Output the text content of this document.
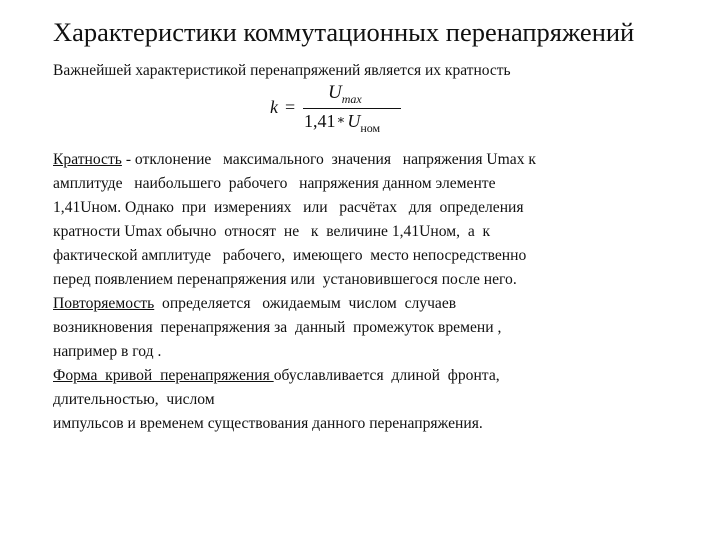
Характеристики коммутационных перенапряжений
Важнейшей характеристикой перенапряжений является их кратность
k =
$U_{max}$
1,41∗ $U_{ном}$
Кратность - отклонение   максимального  значения   напряжения Umax к
амплитуде   наибольшего  рабочего   напряжения данном элементе
1,41Uном. Однако  при  измерениях   или   расчётах   для  определения
кратности Umax обычно  относят  не   к  величине 1,41Uном,  а  к
фактической амплитуде   рабочего,  имеющего  место непосредственно
перед появлением перенапряжения или  установившегося после него.
Повторяемость  определяется   ожидаемым  числом  случаев
возникновения  перенапряжения за  данный  промежуток времени ,
например в год .
Форма  кривой  перенапряжения обуславливается  длиной  фронта,
длительностью,  числом
импульсов и временем существования данного перенапряжения.
